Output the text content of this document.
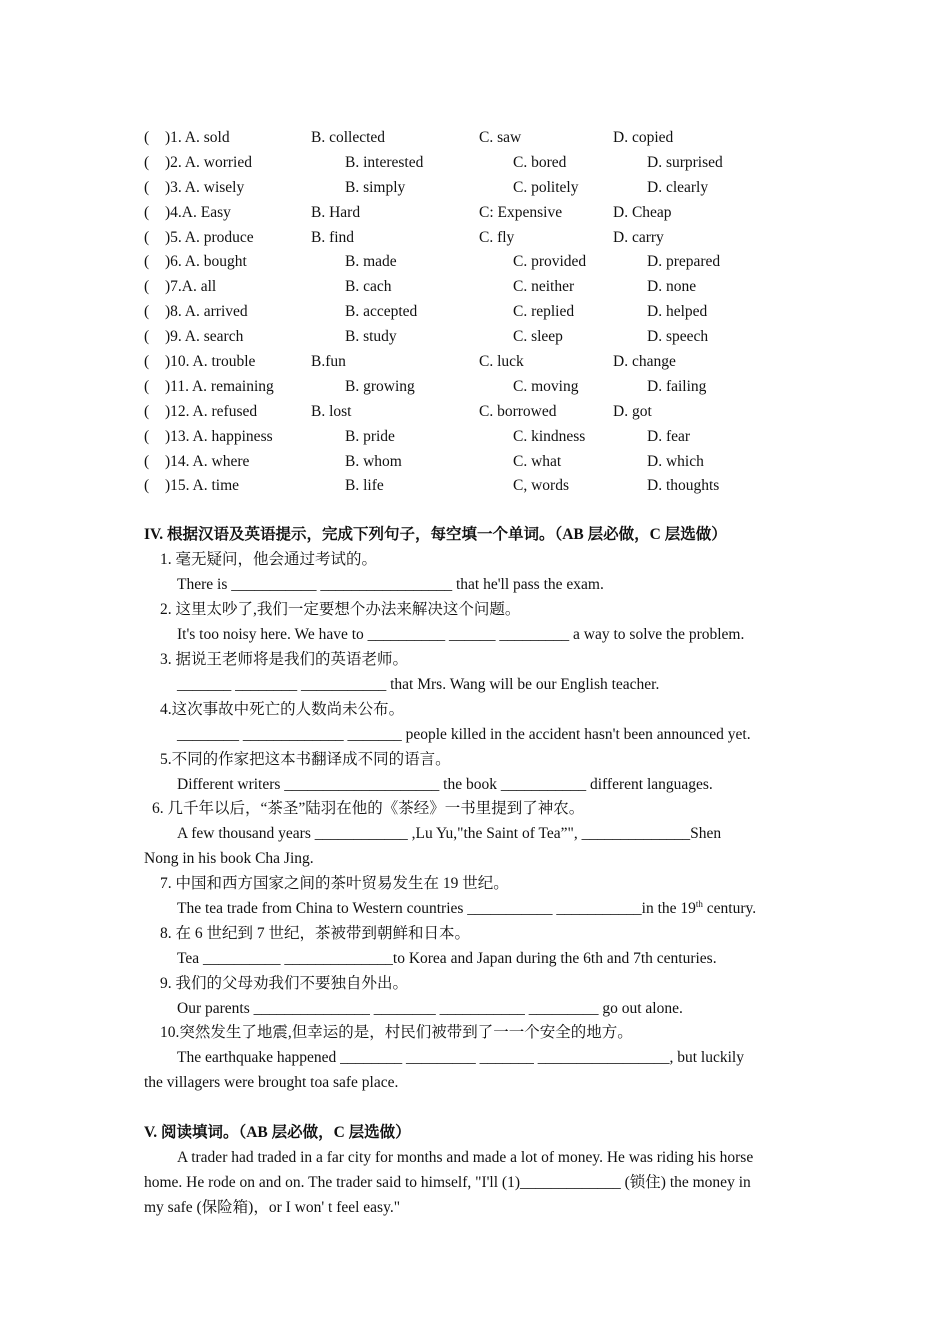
( )1. A. sold	B. collected	C. saw	D. copied
( )2. A. worried	B. interested	C. bored	D. surprised
( )3. A. wisely	B. simply	C. politely	D. clearly
( )4.A. Easy	B. Hard	C: Expensive	D. Cheap
( )5. A. produce	B. find	C. fly	D. carry
( )6. A. bought	B. made	C. provided	D. prepared
( )7.A. all	B. cach	C. neither	D. none
( )8. A. arrived	B. accepted	C. replied	D. helped
( )9. A. search	B. study	C. sleep	D. speech
( )10. A. trouble	B.fun	C. luck	D. change
( )11. A. remaining	B. growing	C. moving	D. failing
( )12. A. refused	B. lost	C. borrowed	D. got
( )13. A. happiness	B. pride	C. kindness	D. fear
( )14. A. where	B. whom	C. what	D. which
( )15. A. time	B. life	C, words	D. thoughts
IV. 根据汉语及英语提示，完成下列句子，每空填一个单词。（AB 层必做，C 层选做）
1. 毫无疑问，他会通过考试的。
There is ___________ _________________ that he'll pass the exam.
2. 这里太吵了,我们一定要想个办法来解决这个问题。
It's too noisy here. We have to __________ ______ _________ a way to solve the problem.
3. 据说王老师将是我们的英语老师。
_______ ________ ___________ that Mrs. Wang will be our English teacher.
4.这次事故中死亡的人数尚未公布。
________ _____________ _______ people killed in the accident hasn't been announced yet.
5.不同的作家把这本书翻译成不同的语言。
Different writers ____________________ the book ___________ different languages.
6. 几千年以后，“茶圣”陆羽在他的《茶经》一书里提到了神农。
A few thousand years ____________ ,Lu Yu,"the Saint of Tea”", ______________Shen
Nong in his book Cha Jing.
7. 中国和西方国家之间的茶叶贸易发生在 19 世纪。
The tea trade from China to Western countries ___________ ___________in the 19th century.
8. 在 6 世纪到 7 世纪，茶被带到朝鲜和日本。
Tea __________ ______________to Korea and Japan during the 6th and 7th centuries.
9. 我们的父母劝我们不要独自外出。
Our parents _______________ ________ ___________ _________ go out alone.
10.突然发生了地震,但幸运的是，村民们被带到了一一个安全的地方。
The earthquake happened ________ _________ _______ _________________, but luckily
the villagers were brought toa safe place.
V. 阅读填词。（AB 层必做，C 层选做）
A trader had traded in a far city for months and made a lot of money. He was riding his horse
home. He rode on and on. The trader said to himself, "I'll (1)_____________ (锁住) the money in
my safe (保险箱)，or I won' t feel easy."
